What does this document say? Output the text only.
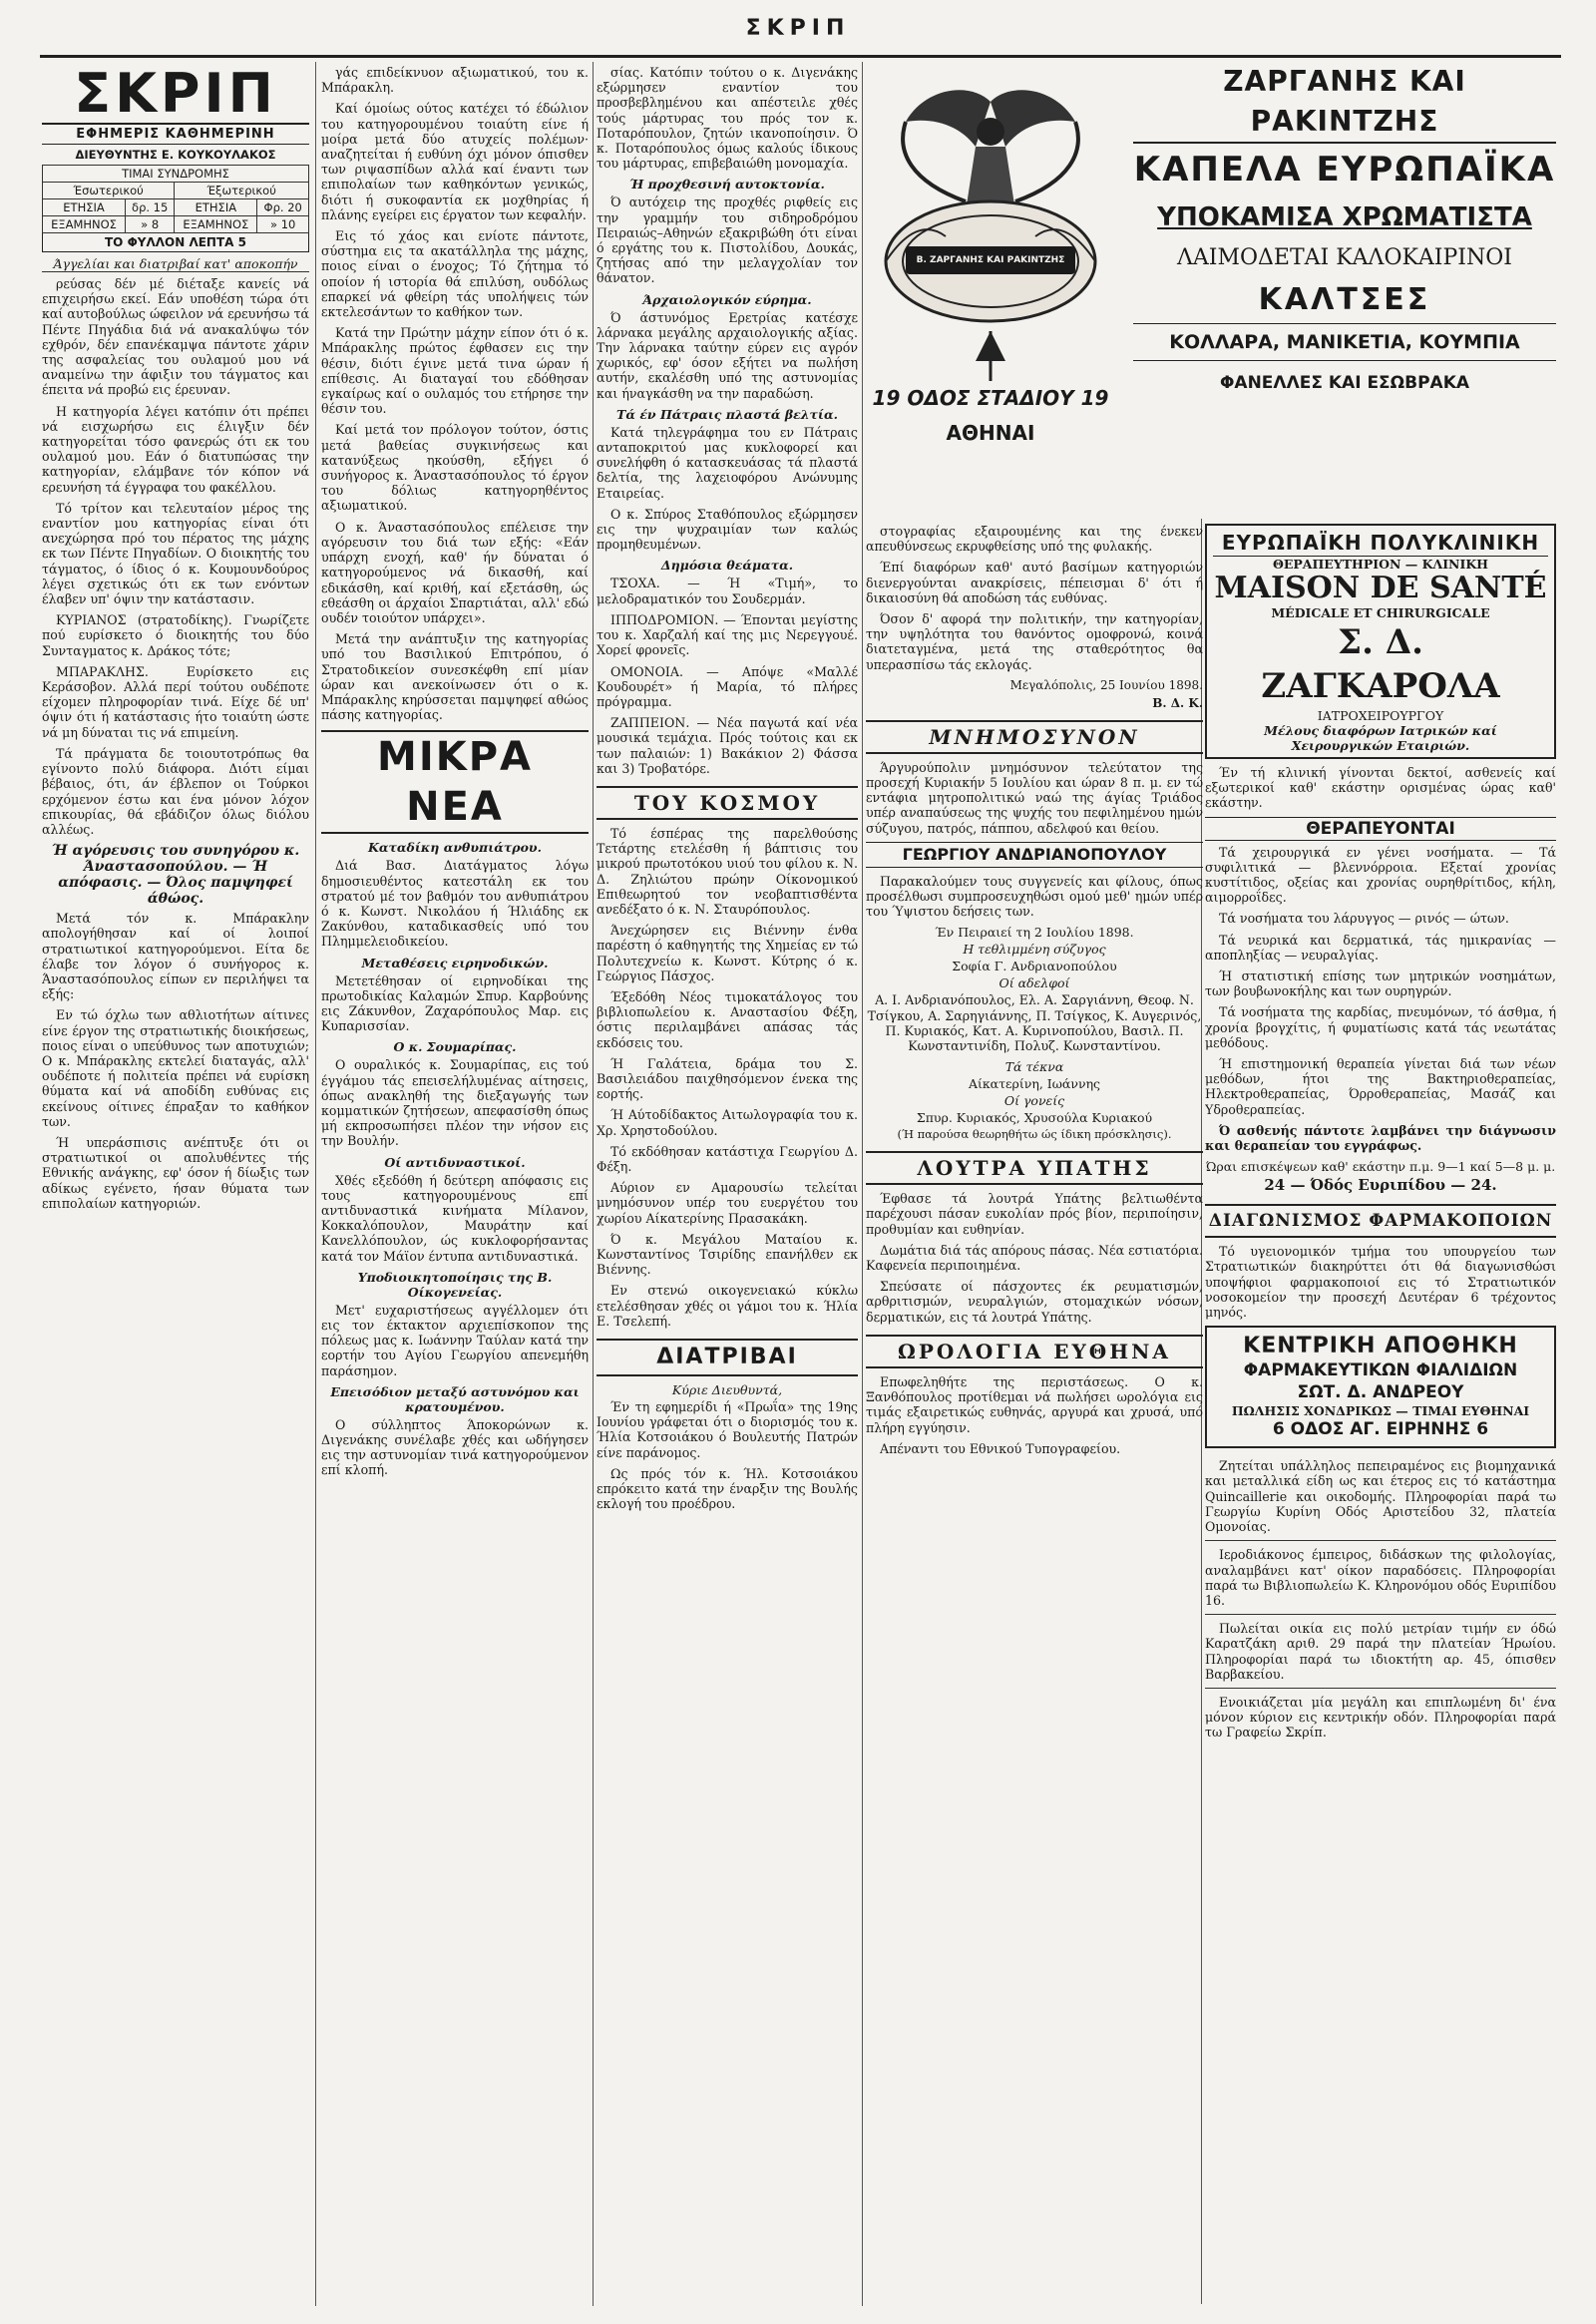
ΣΚΡΙΠ
ΣΚΡΙΠ
ΕΦΗΜΕΡΙΣ ΚΑΘΗΜΕΡΙΝΗ
ΔΙΕΥΘΥΝΤΗΣ Ε. ΚΟΥΚΟΥΛΑΚΟΣ
ΤΙΜΑΙ ΣΥΝΔΡΟΜΗΣ			
Έσωτερικού		Έξωτερικού	
ΕΤΗΣΙΑ	δρ. 15	ΕΤΗΣΙΑ	Φρ. 20
ΕΞΑΜΗΝΟΣ	» 8	ΕΞΑΜΗΝΟΣ	» 10
ΤΟ ΦΥΛΛΟΝ ΛΕΠΤΑ 5
Άγγελίαι και διατριβαί κατ' αποκοπήν

ρεύσας δέν μέ διέταξε κανείς νά επιχειρήσω εκεί. Εάν υποθέση τώρα ότι καί αυτοβούλως ώφειλον νά ερευνήσω τά Πέντε Πηγάδια διά νά ανακαλύψω τόν εχθρόν, δέν επανέκαμψα πάντοτε χάριν της ασφαλείας του ουλαμού μου νά αναμείνω την άφιξιν του τάγματος και έπειτα νά προβώ εις έρευναν.

Η κατηγορία λέγει κατόπιν ότι πρέπει νά εισχωρήσω εις έλιγξιν δέν κατηγορείται τόσο φανερώς ότι εκ του ουλαμού μου. Εάν ό διατυπώσας την κατηγορίαν, ελάμβανε τόν κόπον νά ερευνήση τά έγγραφα του φακέλλου.

Τό τρίτον και τελευταίον μέρος της εναντίον μου κατηγορίας είναι ότι ανεχώρησα πρό του πέρατος της μάχης εκ των Πέντε Πηγαδίων. Ο διοικητής του τάγματος, ό ίδιος ό κ. Κουμουνδούρος λέγει σχετικώς ότι εκ των ενόντων έλαβεν υπ' όψιν την κατάστασιν.

ΚΥΡΙΑΝΟΣ (στρατοδίκης). Γνωρίζετε πού ευρίσκετο ό διοικητής του δύο Συνταγματος κ. Δράκος τότε;

ΜΠΑΡΑΚΛΗΣ. Ευρίσκετο εις Κεράσοβον. Αλλά περί τούτου ουδέποτε είχομεν πληροφορίαν τινά. Είχε δέ υπ' όψιν ότι ή κατάστασις ήτο τοιαύτη ώστε νά μη δύναται τις νά επιμείνη.

Τά πράγματα δε τοιουτοτρόπως θα εγίνοντο πολύ διάφορα. Διότι είμαι βέβαιος, ότι, άν έβλεπον οι Τούρκοι ερχόμενον έστω και ένα μόνον λόχον επικουρίας, θά εβάδιζον όλως διόλου αλλέως.

Ή αγόρευσις του συνηγόρου κ. Άναστασοπούλου. — Ή απόφασις. — Όλος παμψηφεί άθώος.

Μετά τόν κ. Μπάρακλην απολογήθησαν καί οί λοιποί στρατιωτικοί κατηγορούμενοι. Είτα δε έλαβε τον λόγον ό συνήγορος κ. Άναστασόπουλος είπων εν περιλήψει τα εξής:

Εν τώ όχλω των αθλιοτήτων αίτινες είνε έργον της στρατιωτικής διοικήσεως, ποιος είναι ο υπεύθυνος των αποτυχιών; Ο κ. Μπάρακλης εκτελεί διαταγάς, αλλ' ουδέποτε ή πολιτεία πρέπει νά ευρίσκη θύματα καί νά αποδίδη ευθύνας εις εκείνους οίτινες έπραξαν το καθήκον των.

Ή υπεράσπισις ανέπτυξε ότι οι στρατιωτικοί οι απολυθέντες τής Εθνικής ανάγκης, εφ' όσον ή δίωξις των αδίκως εγένετο, ήσαν θύματα των επιπολαίων κατηγοριών.

γάς επιδείκνυον αξιωματικού, του κ. Μπάρακλη.

Καί όμοίως ούτος κατέχει τό έδώλιον του κατηγορουμένου τοιαύτη είνε ή μοίρα μετά δύο ατυχείς πολέμων· αναζητείται ή ευθύνη όχι μόνον όπισθεν των ριψασπίδων αλλά καί έναντι των επιπολαίων των καθηκόντων γενικώς, διότι ή συκοφαντία εκ μοχθηρίας ή πλάνης εγείρει εις έργατον των κεφαλήν.

Εις τό χάος και ενίοτε πάντοτε, σύστημα εις τα ακατάλληλα της μάχης, ποιος είναι ο ένοχος; Τό ζήτημα τό οποίον ή ιστορία θά επιλύση, ουδόλως επαρκεί νά φθείρη τάς υπολήψεις τών εκτελεσάντων το καθήκον των.

Κατά την Πρώτην μάχην είπον ότι ό κ. Μπάρακλης πρώτος έφθασεν εις την θέσιν, διότι έγινε μετά τινα ώραν ή επίθεσις. Αι διαταγαί του εδόθησαν εγκαίρως καί ο ουλαμός του ετήρησε την θέσιν του.

Καί μετά τον πρόλογον τούτον, όστις μετά βαθείας συγκινήσεως και κατανύξεως ηκούσθη, εξήγει ό συνήγορος κ. Άναστασόπουλος τό έργον του δόλιως κατηγορηθέντος αξιωματικού.

Ο κ. Άναστασόπουλος επέλεισε την αγόρευσιν του διά των εξής: «Εάν υπάρχη ενοχή, καθ' ήν δύναται ό κατηγορούμενος νά δικασθή, καί εδικάσθη, καί κριθή, καί εξετάσθη, ώς εθεάσθη οι άρχαίοι Σπαρτιάται, αλλ' εδώ ουδέν τοιούτον υπάρχει».

Μετά την ανάπτυξιν της κατηγορίας υπό του Βασιλικού Επιτρόπου, ό Στρατοδικείον συνεσκέφθη επί μίαν ώραν και ανεκοίνωσεν ότι ο κ. Μπάρακλης κηρύσσεται παμψηφεί αθώος πάσης κατηγορίας.

ΜΙΚΡΑ ΝΕΑ
Καταδίκη ανθυπιάτρου.

Διά Βασ. Διατάγματος λόγω δημοσιευθέντος κατεστάλη εκ του στρατού μέ τον βαθμόν του ανθυπιάτρου ό κ. Κωνστ. Νικολάου ή Ήλιάδης εκ Ζακύνθου, καταδικασθείς υπό του Πλημμελειοδικείου.

Μεταθέσεις ειρηνοδικών.

Μετετέθησαν οί ειρηνοδίκαι της πρωτοδικίας Καλαμών Σπυρ. Καρβούνης εις Ζάκυνθον, Ζαχαρόπουλος Μαρ. εις Κυπαρισσίαν.

Ο κ. Σουμαρίπας.

Ο ουραλικός κ. Σουμαρίπας, εις τού έγγάμου τάς επεισελήλυμένας αίτησεις, όπως ανακληθή της διεξαγωγής των κομματικών ζητήσεων, απεφασίσθη όπως μή εκπροσωπήσει πλέον την νήσον εις την Βουλήν.

Οί αντιδυναστικοί.

Χθές εξεδόθη ή δεύτερη απόφασις εις τους κατηγορουμένους επί αντιδυναστικά κινήματα Μίλανον, Κοκκαλόπουλον, Μαυράτην καί Κανελλόπουλον, ώς κυκλοφορήσαντας κατά τον Μάϊον έντυπα αντιδυναστικά.

Υποδιοικητοποίησις της Β. Οίκογενείας.

Μετ' ευχαριστήσεως αγγέλλομεν ότι εις τον έκτακτον αρχιεπίσκοπον της πόλεως μας κ. Ιωάννην Ταύλαν κατά την εορτήν του Αγίου Γεωργίου απενεμήθη παράσημον.

Επεισόδιον μεταξύ αστυνόμου και κρατουμένου.

Ο σύλληπτος Άποκορώνων κ. Διγενάκης συνέλαβε χθές και ωδήγησεν εις την αστυνομίαν τινά κατηγορούμενον επί κλοπή.

σίας. Κατόπιν τούτου ο κ. Διγενάκης εξώρμησεν εναντίον του προσβεβλημένου και απέστειλε χθές τούς μάρτυρας του πρός τον κ. Ποταρόπουλον, ζητών ικανοποίησιν. Ό κ. Ποταρόπουλος όμως καλούς ίδικους του μάρτυρας, επιβεβαιώθη μονομαχία.

Ή προχθεσινή αυτοκτονία.

Ό αυτόχειρ της προχθές ριφθείς εις την γραμμήν του σιδηροδρόμου Πειραιώς–Αθηνών εξακριβώθη ότι είναι ό εργάτης του κ. Πιστολίδου, Δουκάς, ζητήσας από την μελαγχολίαν τον θάνατον.

Άρχαιολογικόν εύρημα.

Ό άστυνόμος Ερετρίας κατέσχε λάρνακα μεγάλης αρχαιολογικής αξίας. Την λάρνακα ταύτην εύρεν εις αγρόν χωρικός, εφ' όσον εξήτει να πωλήση αυτήν, εκαλέσθη υπό της αστυνομίας και ήναγκάσθη να την παραδώση.

Τά έν Πάτραις πλαστά βελτία.

Κατά τηλεγράφημα του εν Πάτραις ανταποκριτού μας κυκλοφορεί και συνελήφθη ό κατασκευάσας τά πλαστά δελτία, της λαχειοφόρου Ανώνυμης Εταιρείας.

Ο κ. Σπύρος Σταθόπουλος εξώρμησεν εις την ψυχραιμίαν των καλώς προμηθευμένων.

Δημόσια θεάματα.

ΤΣΟΧΑ. — Ή «Τιμή», το μελοδραματικόν του Σουδερμάν.

ΙΠΠΟΔΡΟΜΙΟΝ. — Έπονται μεγίστης του κ. Χαρζαλή καί της μις Νερεγγουέ. Χορεί φρονεῖς.

ΟΜΟΝΟΙΑ. — Απόψε «Μαλλέ Κουδουρέτ» ή Μαρία, τό πλήρες πρόγραμμα.

ΖΑΠΠΕΙΟΝ. — Νέα παγωτά καί νέα μουσικά τεμάχια. Πρός τούτοις και εκ των παλαιών: 1) Βακάκιον 2) Φάσσα και 3) Τροβατόρε.

ΤΟΥ ΚΟΣΜΟΥ

Τό έσπέρας της παρελθούσης Τετάρτης ετελέσθη ή βάπτισις του μικρού πρωτοτόκου υιού του φίλου κ. Ν. Δ. Ζηλιώτου πρώην Οίκονομικού Επιθεωρητού τον νεοβαπτισθέντα ανεδέξατο ό κ. Ν. Σταυρόπουλος.

Άνεχώρησεν εις Βιέννην ένθα παρέστη ό καθηγητής της Χημείας εν τώ Πολυτεχνείω κ. Κωνστ. Κύτρης ό κ. Γεώργιος Πάσχος.

Έξεδόθη Νέος τιμοκατάλογος του βιβλιοπωλείου κ. Αναστασίου Φέξη, όστις περιλαμβάνει απάσας τάς εκδόσεις του.

Ή Γαλάτεια, δράμα του Σ. Βασιλειάδου παιχθησόμενον ένεκα της εορτής.

Ή Αύτοδίδακτος Αιτωλογραφία του κ. Χρ. Χρηστοδούλου.

Τό εκδόθησαν κατάστιχα Γεωργίου Δ. Φέξη.

Αύριον εν Αμαρουσίω τελείται μνημόσυνον υπέρ του ευεργέτου του χωρίου Αίκατερίνης Πρασακάκη.

Ό κ. Μεγάλου Ματαίου κ. Κωνσταντίνος Τσιρίδης επανήλθεν εκ Βιέννης.

Εν στενώ οικογενειακώ κύκλω ετελέσθησαν χθές οι γάμοι του κ. Ήλία Ε. Τσελεπή.

ΔΙΑΤΡΙΒΑΙ
Κύριε Διευθυντά,

Έν τη εφημερίδι ή «Πρωΐα» της 19ης Ιουνίου γράφεται ότι ο διορισμός του κ. Ήλία Κοτσοιάκου ό Βουλευτής Πατρών είνε παράνομος.

Ως πρός τόν κ. Ήλ. Κοτσοιάκου επρόκειτο κατά την έναρξιν της Βουλής εκλογή του προέδρου.

Β. ΖΑΡΓΑΝΗΣ ΚΑΙ ΡΑΚΙΝΤΖΗΣ
19 ΟΔΟΣ ΣΤΑΔΙΟΥ 19
ΑΘΗΝΑΙ
ΖΑΡΓΑΝΗΣ ΚΑΙ ΡΑΚΙΝΤΖΗΣ
ΚΑΠΕΛΑ ΕΥΡΩΠΑΪΚΑ
ΥΠΟΚΑΜΙΣΑ ΧΡΩΜΑΤΙΣΤΑ
ΛΑΙΜΟΔΕΤΑΙ ΚΑΛΟΚΑΙΡΙΝΟΙ
ΚΑΛΤΣΕΣ
ΚΟΛΛΑΡΑ, ΜΑΝΙΚΕΤΙΑ, ΚΟΥΜΠΙΑ
ΦΑΝΕΛΛΕΣ ΚΑΙ ΕΣΩΒΡΑΚΑ

στογραφίας εξαιρουμένης και της ένεκεν απευθύνσεως εκρυφθείσης υπό της φυλακής.

Έπί διαφόρων καθ' αυτό βασίμων κατηγοριών διενεργούνται ανακρίσεις, πέπεισμαι δ' ότι ή δικαιοσύνη θά αποδώση τάς ευθύνας.

Όσον δ' αφορά την πολιτικήν, την κατηγορίαν, την υψηλότητα του θανόντος ομοφρονώ, κοινά διατεταγμένα, μετά της σταθερότητος θα υπερασπίσω τάς εκλογάς.

Μεγαλόπολις, 25 Ιουνίου 1898.
Β. Δ. Κ.
ΜΝΗΜΟΣΥΝΟΝ

Άργυρούπολιν μνημόσυνον τελεύτατον της προσεχή Κυριακήν 5 Ιουλίου και ώραν 8 π. μ. εν τώ εντάφια μητροπολιτικώ ναώ της άγίας Τριάδος υπέρ αναπαύσεως της ψυχής του πεφιλημένου ημών σύζυγου, πατρός, πάππου, αδελφού και θείου.

ΓΕΩΡΓΙΟΥ ΑΝΔΡΙΑΝΟΠΟΥΛΟΥ

Παρακαλούμεν τους συγγενείς και φίλους, όπως προσέλθωσι συμπροσευχηθώσι ομού μεθ' ημών υπέρ του Ύψιστου δεήσεις των.

Έν Πειραιεί τη 2 Ιουλίου 1898.
Η τεθλιμμένη σύζυγος
Σοφία Γ. Ανδριανοπούλου
Οί αδελφοί

Α. Ι. Ανδριανόπουλος, Ελ. Α. Σαργιάννη, Θεοφ. Ν. Τσίγκου, Α. Σαρηγιάννης, Π. Τσίγκος, Κ. Αυγερινός, Π. Κυριακός, Κατ. Α. Κυρινοπούλου, Βασιλ. Π. Κωνσταντινίδη, Πολυζ. Κωνσταντίνου.

Τά τέκνα
Αίκατερίνη, Ιωάννης
Οί γονείς
Σπυρ. Κυριακός, Χρυσούλα Κυριακού
(Ή παρούσα θεωρηθήτω ώς ίδικη πρόσκλησις).
ΛΟΥΤΡΑ ΥΠΑΤΗΣ

Έφθασε τά λουτρά Υπάτης βελτιωθέντα παρέχουσι πάσαν ευκολίαν πρός βίον, περιποίησιν, προθυμίαν και ευθηνίαν.

Δωμάτια διά τάς απόρους πάσας. Νέα εστιατόρια. Καφενεία περιποιημένα.

Σπεύσατε οί πάσχοντες έκ ρευματισμών, αρθριτισμών, νευραλγιών, στομαχικών νόσων, δερματικών, εις τά λουτρά Υπάτης.

ΩΡΟΛΟΓΙΑ ΕΥΘΗΝΑ

Επωφεληθήτε της περιστάσεως. Ο κ. Ξανθόπουλος προτίθεμαι νά πωλήσει ωρολόγια εις τιμάς εξαιρετικώς ευθηνάς, αργυρά και χρυσά, υπό πλήρη εγγύησιν.

Απέναντι του Εθνικού Τυπογραφείου.

ΕΥΡΩΠΑΪΚΗ ΠΟΛΥΚΛΙΝΙΚΗ
ΘΕΡΑΠΕΥΤΗΡΙΟΝ — ΚΛΙΝΙΚΗ
MAISON DE SANTÉ
MÉDICALE ET CHIRURGICALE
Σ. Δ. ΖΑΓΚΑΡΟΛΑ
ΙΑΤΡΟΧΕΙΡΟΥΡΓΟΥ
Μέλους διαφόρων Ιατρικών καί Χειρουργικών Εταιριών.

Έν τή κλινική γίνονται δεκτοί, ασθενείς καί εξωτερικοί καθ' εκάστην ορισμένας ώρας καθ' εκάστην.

ΘΕΡΑΠΕΥΟΝΤΑΙ

Τά χειρουργικά εν γένει νοσήματα. — Τά συφιλιτικά — βλεννόρροια. Εξεταί χρονίας κυστίτιδος, οξείας και χρονίας ουρηθρίτιδος, κήλη, αιμορροΐδες.

Τά νοσήματα του λάρυγγος — ρινός — ώτων.

Τά νευρικά και δερματικά, τάς ημικρανίας — αποπληξίας — νευραλγίας.

Ή στατιστική επίσης των μητρικών νοσημάτων, των βουβωνοκήλης και των ουρηγρών.

Τά νοσήματα της καρδίας, πνευμόνων, τό άσθμα, ή χρονία βρογχίτις, ή φυματίωσις κατά τάς νεωτάτας μεθόδους.

Ή επιστημονική θεραπεία γίνεται διά των νέων μεθόδων, ήτοι της Βακτηριοθεραπείας, Ηλεκτροθεραπείας, Όρροθεραπείας, Μασάζ και Υδροθεραπείας.

Ό ασθενής πάντοτε λαμβάνει την διάγνωσιν και θεραπείαν του εγγράφως.

Ώραι επισκέψεων καθ' εκάστην π.μ. 9—1 καί 5—8 μ. μ.
24 — Όδός Ευριπίδου — 24.
ΔΙΑΓΩΝΙΣΜΟΣ ΦΑΡΜΑΚΟΠΟΙΩΝ

Τό υγειονομικόν τμήμα του υπουργείου των Στρατιωτικών διακηρύττει ότι θά διαγωνισθώσι υποψήφιοι φαρμακοποιοί εις τό Στρατιωτικόν νοσοκομείον την προσεχή Δευτέραν 6 τρέχοντος μηνός.

ΚΕΝΤΡΙΚΗ ΑΠΟΘΗΚΗ
ΦΑΡΜΑΚΕΥΤΙΚΩΝ ΦΙΑΛΙΔΙΩΝ
ΣΩΤ. Δ. ΑΝΔΡΕΟΥ
ΠΩΛΗΣΙΣ ΧΟΝΔΡΙΚΩΣ — ΤΙΜΑΙ ΕΥΘΗΝΑΙ
6 ΟΔΟΣ ΑΓ. ΕΙΡΗΝΗΣ 6

Ζητείται υπάλληλος πεπειραμένος εις βιομηχανικά και μεταλλικά είδη ως και έτερος εις τό κατάστημα Quincaillerie και οικοδομής. Πληροφορίαι παρά τω Γεωργίω Κυρίνη Οδός Αριστείδου 32, πλατεία Ομονοίας.

Ιεροδιάκονος έμπειρος, διδάσκων της φιλολογίας, αναλαμβάνει κατ' οίκον παραδόσεις. Πληροφορίαι παρά τω Βιβλιοπωλείω Κ. Κληρονόμου οδός Ευριπίδου 16.

Πωλείται οικία εις πολύ μετρίαν τιμήν εν όδώ Καρατζάκη αριθ. 29 παρά την πλατείαν Ήρωίου. Πληροφορίαι παρά τω ιδιοκτήτη αρ. 45, όπισθεν Βαρβακείου.

Ενοικιάζεται μία μεγάλη και επιπλωμένη δι' ένα μόνον κύριον εις κεντρικήν οδόν. Πληροφορίαι παρά τω Γραφείω Σκρίπ.
